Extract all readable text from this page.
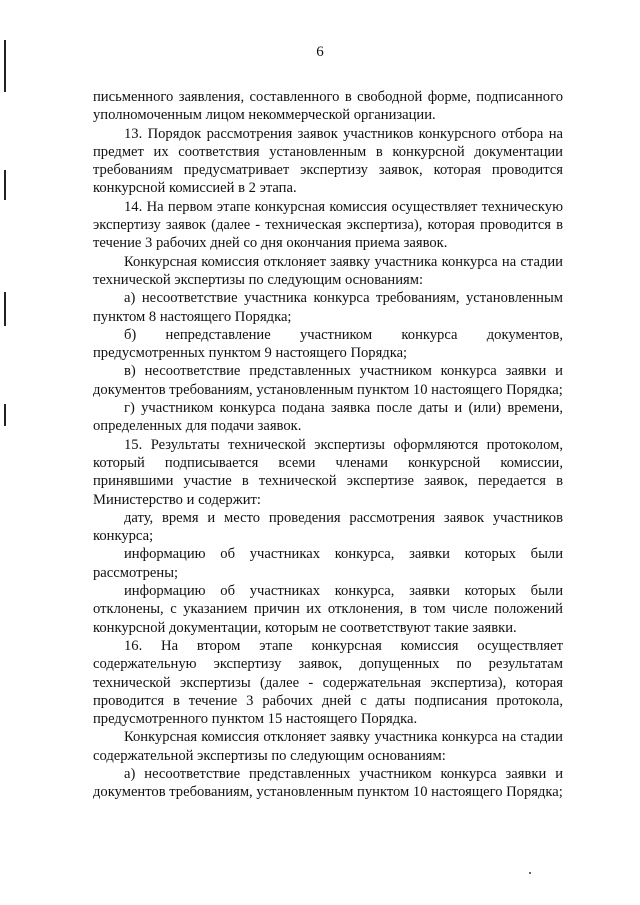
6

письменного заявления, составленного в свободной форме, подписанного уполномоченным лицом некоммерческой организации.

13. Порядок рассмотрения заявок участников конкурсного отбора на предмет их соответствия установленным в конкурсной документации требованиям предусматривает экспертизу заявок, которая проводится конкурсной комиссией в 2 этапа.

14. На первом этапе конкурсная комиссия осуществляет техническую экспертизу заявок (далее - техническая экспертиза), которая проводится в течение 3 рабочих дней со дня окончания приема заявок.

Конкурсная комиссия отклоняет заявку участника конкурса на стадии технической экспертизы по следующим основаниям:

а) несоответствие участника конкурса требованиям, установленным пунктом 8 настоящего Порядка;

б) непредставление участником конкурса документов, предусмотренных пунктом 9 настоящего Порядка;

в) несоответствие представленных участником конкурса заявки и документов требованиям, установленным пунктом 10 настоящего Порядка;

г) участником конкурса подана заявка после даты и (или) времени, определенных для подачи заявок.

15. Результаты технической экспертизы оформляются протоколом, который подписывается всеми членами конкурсной комиссии, принявшими участие в технической экспертизе заявок, передается в Министерство и содержит:

дату, время и место проведения рассмотрения заявок участников конкурса;

информацию об участниках конкурса, заявки которых были рассмотрены;

информацию об участниках конкурса, заявки которых были отклонены, с указанием причин их отклонения, в том числе положений конкурсной документации, которым не соответствуют такие заявки.

16. На втором этапе конкурсная комиссия осуществляет содержательную экспертизу заявок, допущенных по результатам технической экспертизы (далее - содержательная экспертиза), которая проводится в течение 3 рабочих дней с даты подписания протокола, предусмотренного пунктом 15 настоящего Порядка.

Конкурсная комиссия отклоняет заявку участника конкурса на стадии содержательной экспертизы по следующим основаниям:

а) несоответствие представленных участником конкурса заявки и документов требованиям, установленным пунктом 10 настоящего Порядка;
